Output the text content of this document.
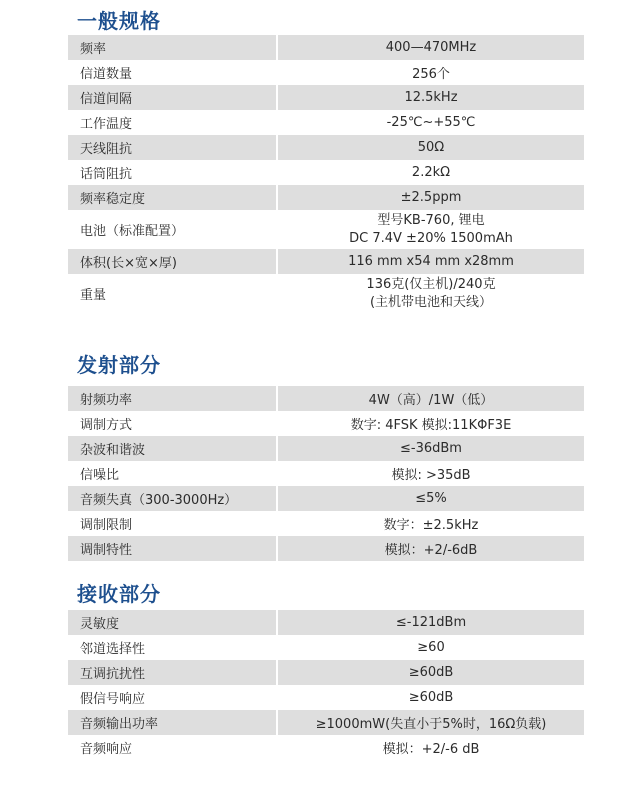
一般规格
频率		400—470MHz
信道数量		256个
信道间隔		12.5kHz
工作温度		-25℃~+55℃
天线阻抗		50Ω
话筒阻抗		2.2kΩ
频率稳定度		±2.5ppm
电池（标准配置）		型号KB-760, 锂电
DC 7.4V ±20% 1500mAh

体积(长×宽×厚)		116 mm x54 mm x28mm
重量		136克(仅主机)/240克
(主机带电池和天线）
发射部分
射频功率		4W（高）/1W（低）
调制方式		数字: 4FSK 模拟:11KΦF3E
杂波和谐波		≤-36dBm
信噪比		模拟: >35dB
音频失真（300-3000Hz）		≤5%
调制限制		数字：±2.5kHz
调制特性		模拟：+2/-6dB
接收部分
灵敏度		≤-121dBm
邻道选择性		≥60
互调抗扰性		≥60dB
假信号响应		≥60dB
音频输出功率		≥1000mW(失直小于5%时，16Ω负载)
音频响应		模拟：+2/-6 dB
